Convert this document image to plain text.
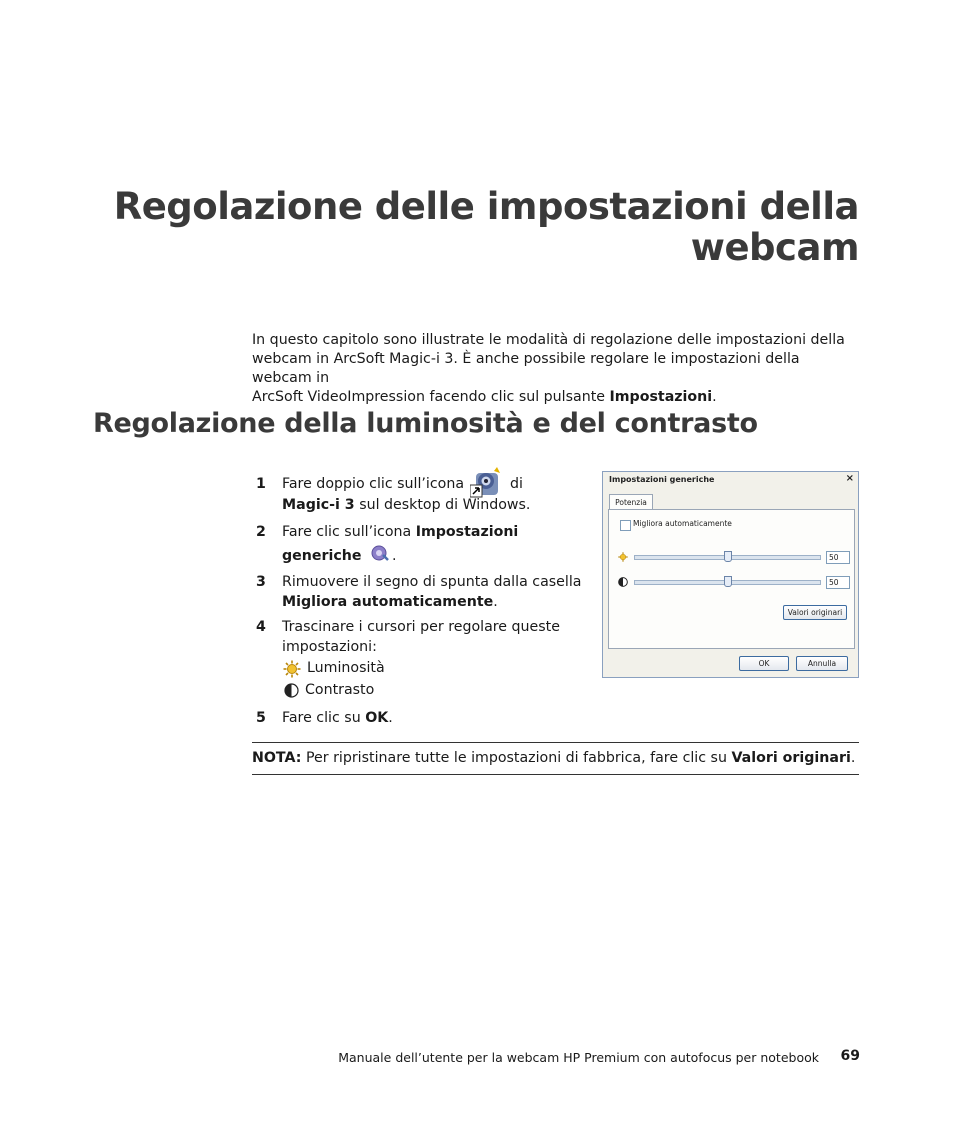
Regolazione delle impostazioni della
webcam
In questo capitolo sono illustrate le modalità di regolazione delle impostazioni della
webcam in ArcSoft Magic-i 3. È anche possibile regolare le impostazioni della webcam in
ArcSoft VideoImpression facendo clic sul pulsante Impostazioni.
Regolazione della luminosità e del contrasto
1 Fare doppio clic sull’icona	di
Magic-i 3 sul desktop di Windows.
2 Fare clic sull’icona Impostazioni
generiche .
3 Rimuovere il segno di spunta dalla casella
Migliora automaticamente.
4 Trascinare i cursori per regolare queste
impostazioni:
Luminosità
Contrasto
5 Fare clic su OK.
Impostazioni generiche	×
Potenzia
Migliora automaticamente
50
50
Valori originari
OK	Annulla
NOTA: Per ripristinare tutte le impostazioni di fabbrica, fare clic su Valori originari.
Manuale dell’utente per la webcam HP Premium con autofocus per notebook 69
